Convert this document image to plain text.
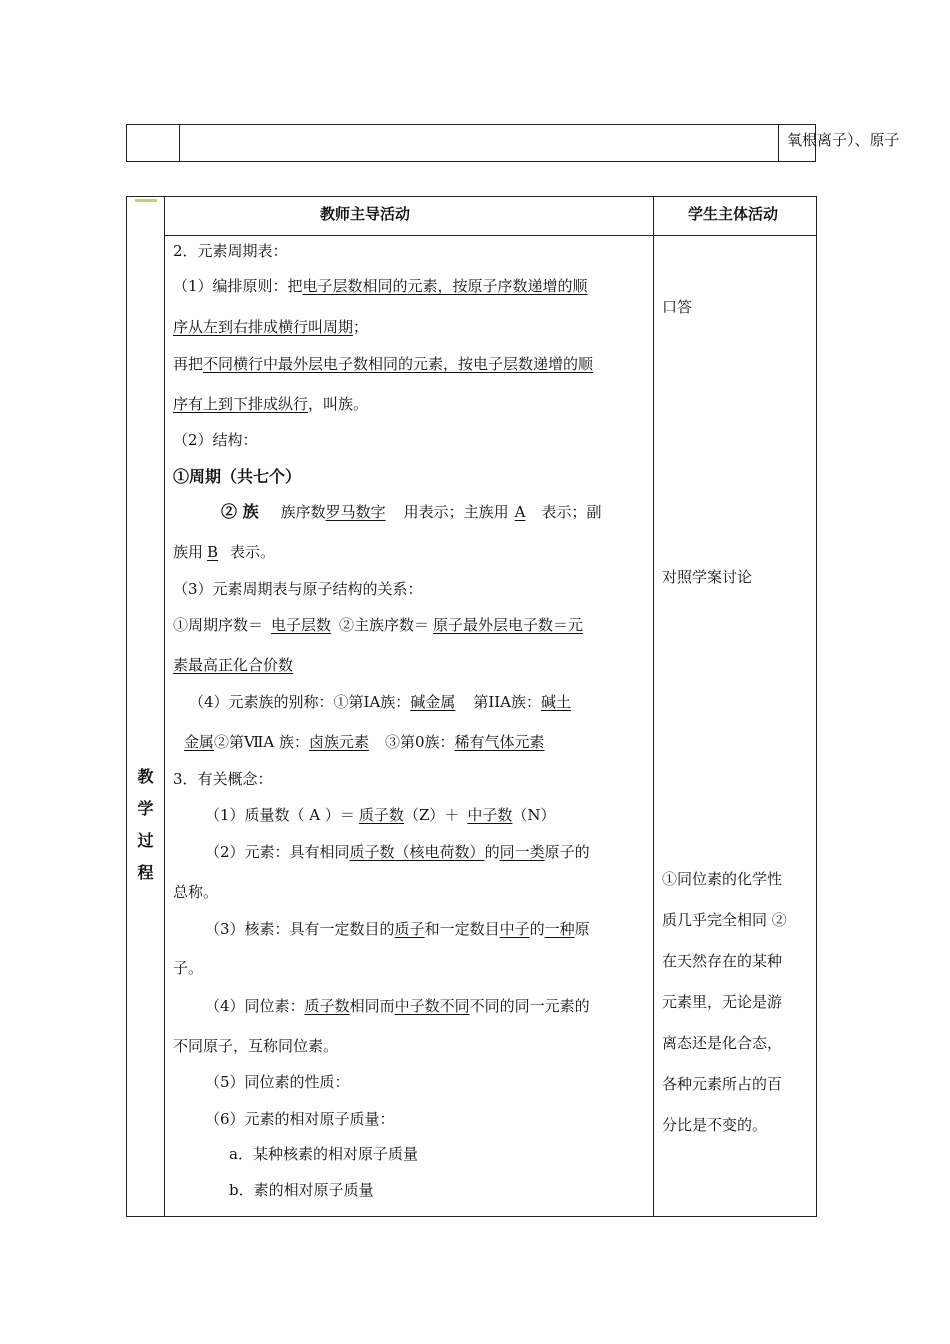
氧根离子）、原子
教
学
过
程
教师主导活动	学生主体活动
2．元素周期表：
（1）编排原则：把电子层数相同的元素，按原子序数递增的顺
序从左到右排成横行叫周期；
再把不同横行中最外层电子数相同的元素，按电子层数递增的顺
序有上到下排成纵行，叫族。
（2）结构：
①周期（共七个）
② 族 族序数罗马数字 用表示；主族用 A 表示；副
族用 B 表示。
（3）元素周期表与原子结构的关系：
①周期序数＝ 电子层数 ②主族序数＝ 原子最外层电子数＝元
素最高正化合价数
（4）元素族的别称：①第ⅠA族：碱金属 第ⅠIA族：碱土
金属②第ⅦA 族：卤族元素 ③第0族：稀有气体元素
3．有关概念：
（1）质量数（ A ）＝ 质子数（Z）＋ 中子数（N）
（2）元素：具有相同质子数（核电荷数）的同一类原子的
总称。
（3）核素：具有一定数目的质子和一定数目中子的一种原
子。
（4）同位素：质子数相同而中子数不同不同的同一元素的
不同原子，互称同位素。
（5）同位素的性质：
（6）元素的相对原子质量：
a．某种核素的相对原子质量
b．素的相对原子质量
口答
对照学案讨论
①同位素的化学性
质几乎完全相同 ②
在天然存在的某种
元素里，无论是游
离态还是化合态，
各种元素所占的百
分比是不变的。
